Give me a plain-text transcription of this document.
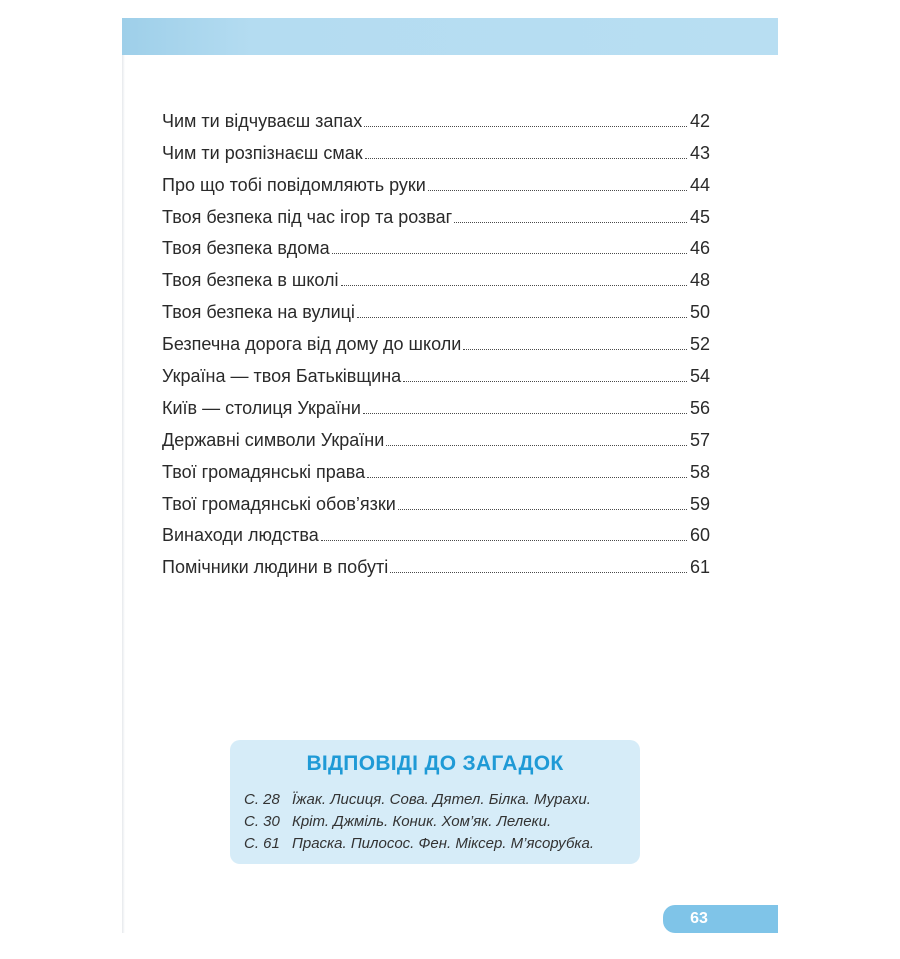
Чим ти відчуваєш запах	42
Чим ти розпізнаєш смак	43
Про що тобі повідомляють руки	44
Твоя безпека під час ігор та розваг	45
Твоя безпека вдома	46
Твоя безпека в школі	48
Твоя безпека на вулиці	50
Безпечна дорога від дому до школи	52
Україна — твоя Батьківщина	54
Київ — столиця України	56
Державні символи України	57
Твої громадянські права	58
Твої громадянські обов’язки	59
Винаходи людства	60
Помічники людини в побуті	61
ВІДПОВІДІ ДО ЗАГАДОК
С. 28 Їжак. Лисиця. Сова. Дятел. Білка. Мурахи.
С. 30 Кріт. Джміль. Коник. Хом’як. Лелеки.
С. 61 Праска. Пилосос. Фен. Міксер. М’ясорубка.
63
